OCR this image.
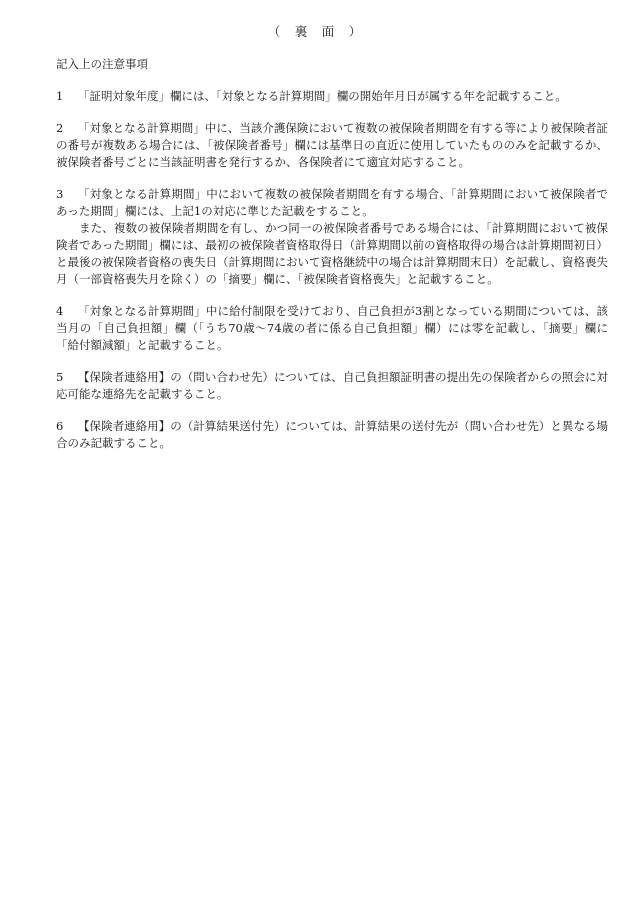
（　裏　面　）
記入上の注意事項

1 「証明対象年度」欄には、「対象となる計算期間」欄の開始年月日が属する年を記載すること。

2 「対象となる計算期間」中に、当該介護保険において複数の被保険者期間を有する等により被保険者証の番号が複数ある場合には、「被保険者番号」欄には基準日の直近に使用していたもののみを記載するか、被保険者番号ごとに当該証明書を発行するか、各保険者にて適宜対応すること。

3 「対象となる計算期間」中において複数の被保険者期間を有する場合、「計算期間において被保険者であった期間」欄には、上記1の対応に準じた記載をすること。

また、複数の被保険者期間を有し、かつ同一の被保険者番号である場合には、「計算期間において被保険者であった期間」欄には、最初の被保険者資格取得日（計算期間以前の資格取得の場合は計算期間初日）と最後の被保険者資格の喪失日（計算期間において資格継続中の場合は計算期間末日）を記載し、資格喪失月（一部資格喪失月を除く）の「摘要」欄に、「被保険者資格喪失」と記載すること。

4 「対象となる計算期間」中に給付制限を受けており、自己負担が3割となっている期間については、該当月の「自己負担額」欄（「うち70歳～74歳の者に係る自己負担額」欄）には零を記載し、「摘要」欄に「給付額減額」と記載すること。

5 【保険者連絡用】の（問い合わせ先）については、自己負担額証明書の提出先の保険者からの照会に対応可能な連絡先を記載すること。

6 【保険者連絡用】の（計算結果送付先）については、計算結果の送付先が（問い合わせ先）と異なる場合のみ記載すること。
